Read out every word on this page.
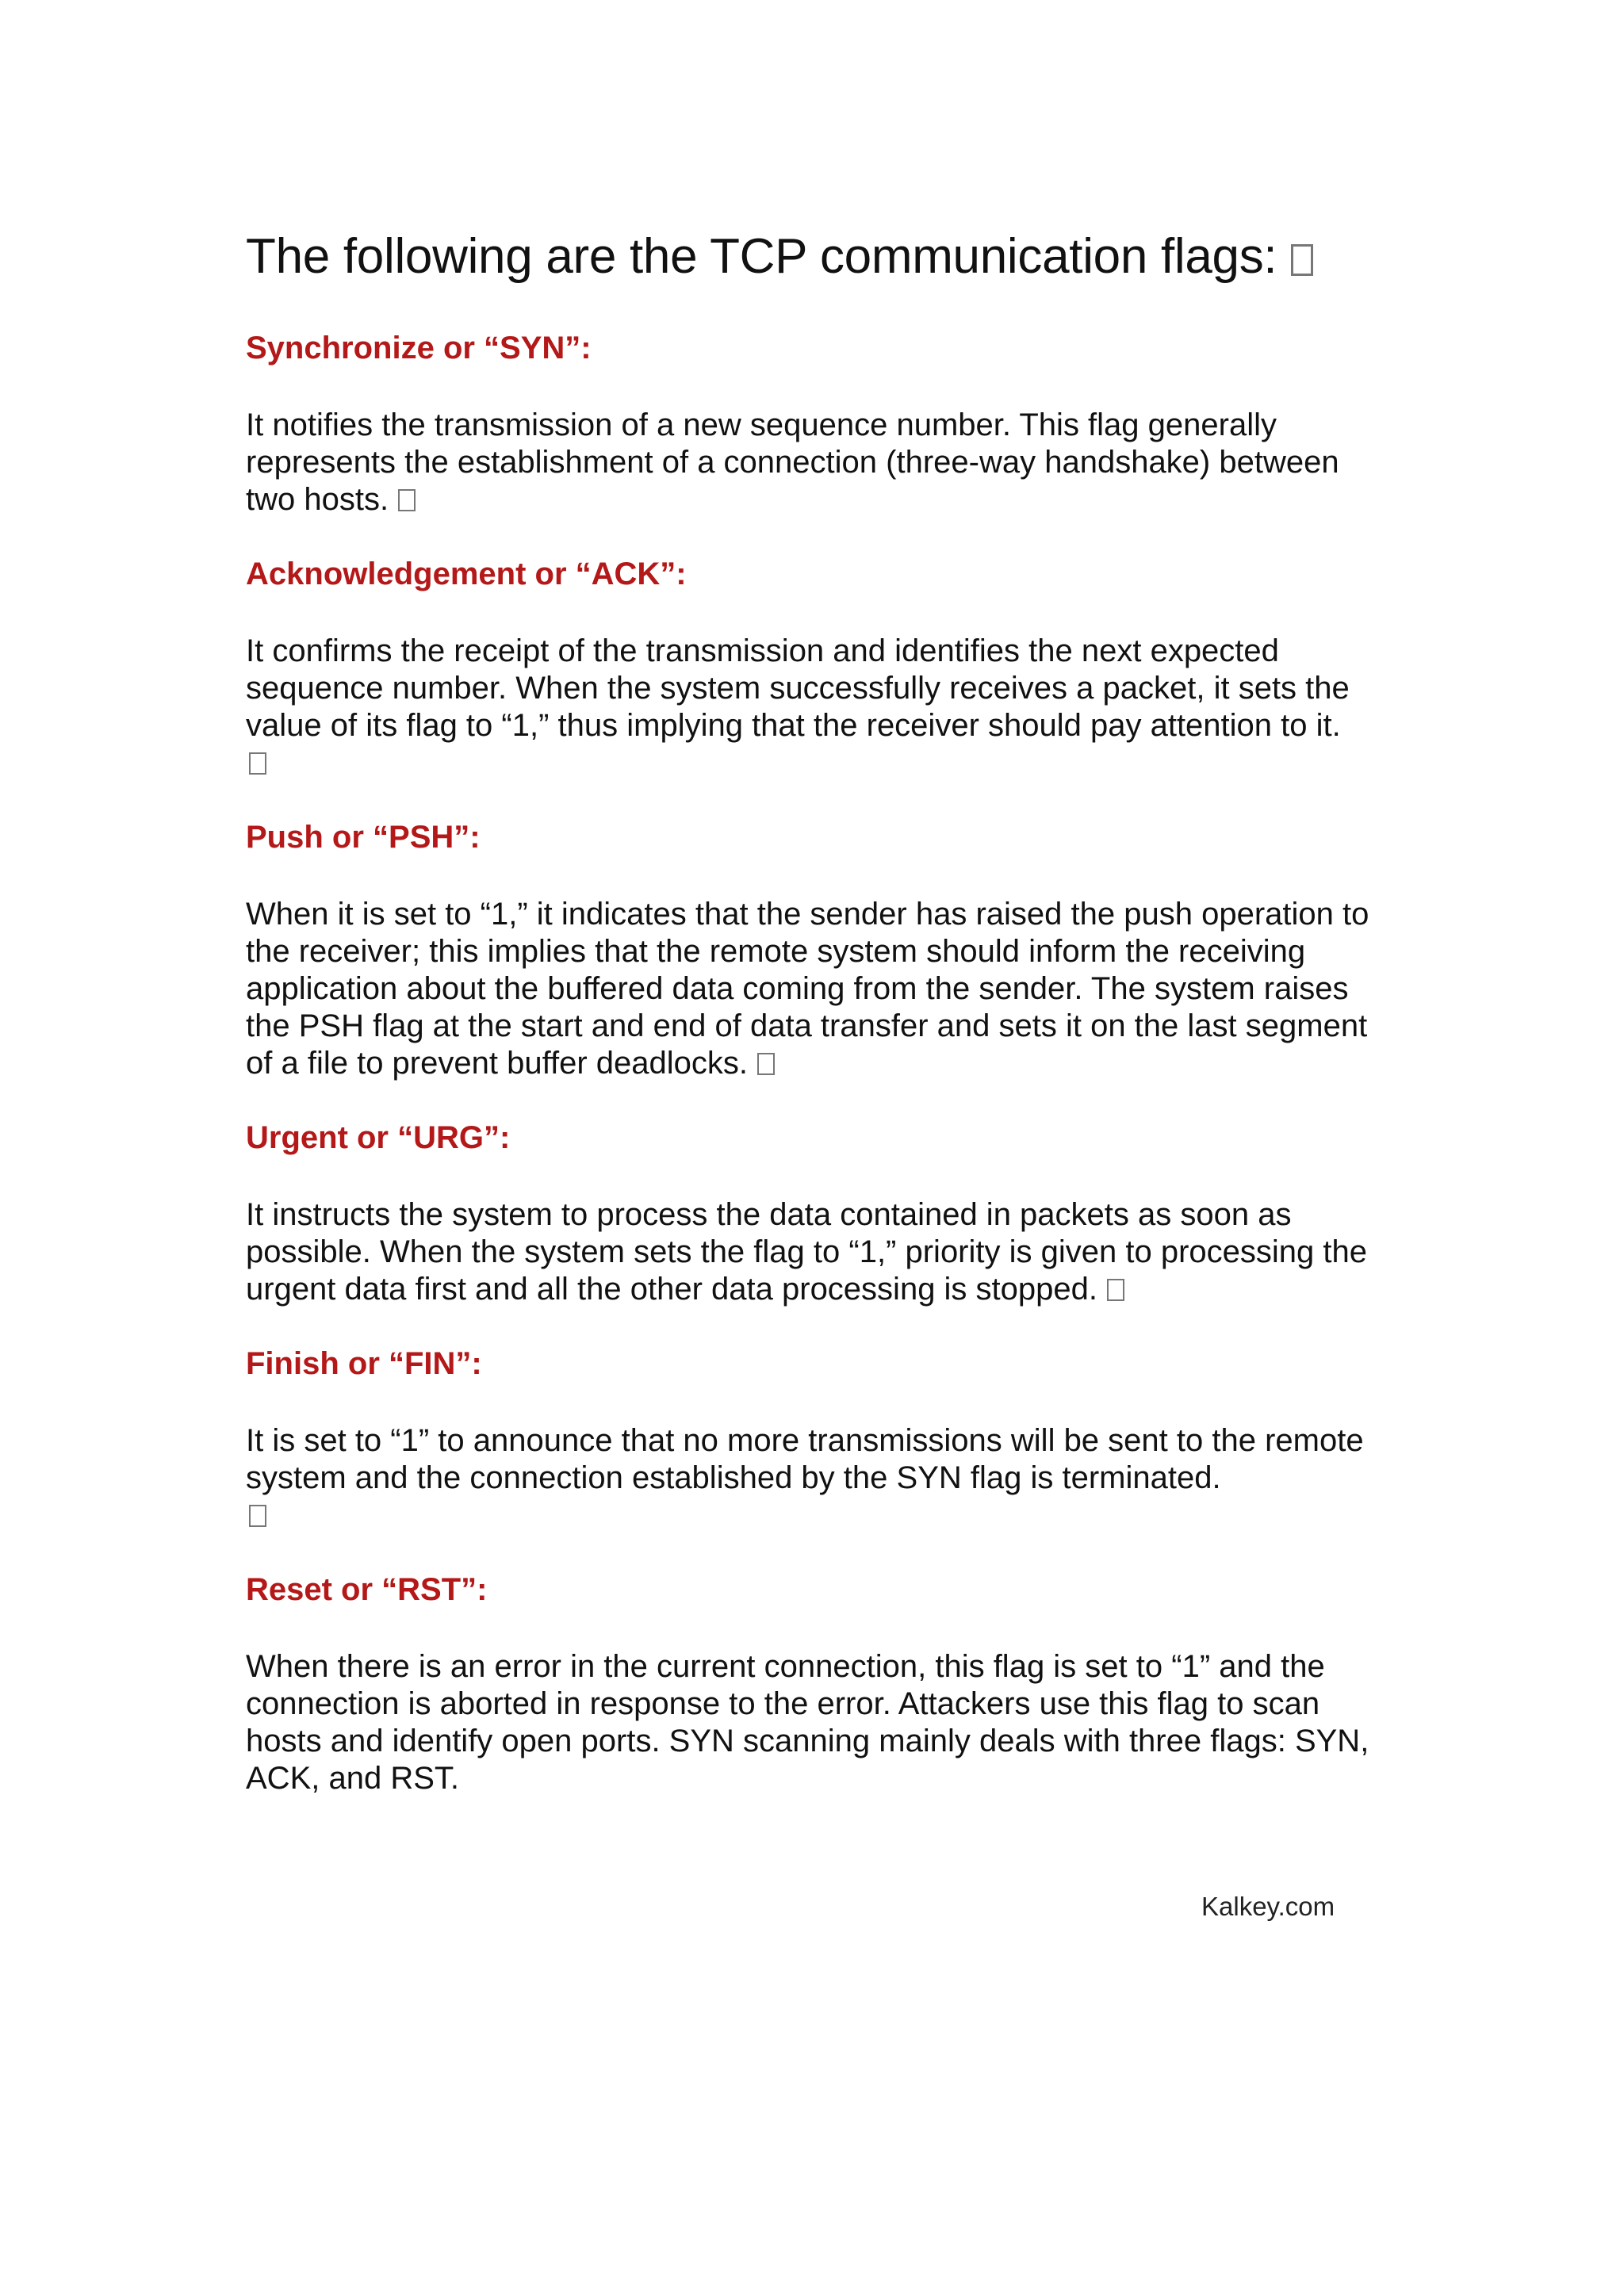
The following are the TCP communication flags:
Synchronize or “SYN”:

It notifies the transmission of a new sequence number. This flag generally represents the establishment of a connection (three-way handshake) between two hosts.

Acknowledgement or “ACK”:

It confirms the receipt of the transmission and identifies the next expected sequence number. When the system successfully receives a packet, it sets the value of its flag to “1,” thus implying that the receiver should pay attention to it.

Push or “PSH”:

When it is set to “1,” it indicates that the sender has raised the push operation to the receiver; this implies that the remote system should inform the receiving application about the buffered data coming from the sender. The system raises the PSH flag at the start and end of data transfer and sets it on the last segment of a file to prevent buffer deadlocks.

Urgent or “URG”:

It instructs the system to process the data contained in packets as soon as possible. When the system sets the flag to “1,” priority is given to processing the urgent data first and all the other data processing is stopped.

Finish or “FIN”:

It is set to “1” to announce that no more transmissions will be sent to the remote system and the connection established by the SYN flag is terminated.

Reset or “RST”:

When there is an error in the current connection, this flag is set to “1” and the connection is aborted in response to the error. Attackers use this flag to scan hosts and identify open ports. SYN scanning mainly deals with three flags: SYN, ACK, and RST.

Kalkey.com
